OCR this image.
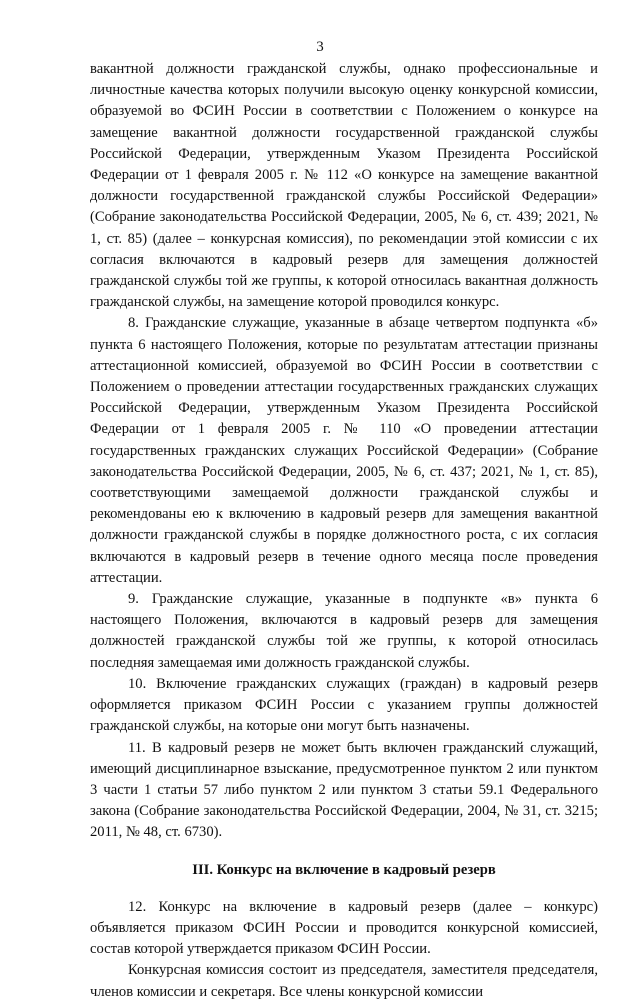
3

вакантной должности гражданской службы, однако профессиональные и личностные качества которых получили высокую оценку конкурсной комиссии, образуемой во ФСИН России в соответствии с Положением о конкурсе на замещение вакантной должности государственной гражданской службы Российской Федерации, утвержденным Указом Президента Российской Федерации от 1 февраля 2005 г. № 112 «О конкурсе на замещение вакантной должности государственной гражданской службы Российской Федерации» (Собрание законодательства Российской Федерации, 2005, № 6, ст. 439; 2021, № 1, ст. 85) (далее – конкурсная комиссия), по рекомендации этой комиссии с их согласия включаются в кадровый резерв для замещения должностей гражданской службы той же группы, к которой относилась вакантная должность гражданской службы, на замещение которой проводился конкурс.

8. Гражданские служащие, указанные в абзаце четвертом подпункта «б» пункта 6 настоящего Положения, которые по результатам аттестации признаны аттестационной комиссией, образуемой во ФСИН России в соответствии с Положением о проведении аттестации государственных гражданских служащих Российской Федерации, утвержденным Указом Президента Российской Федерации от 1 февраля 2005 г. № 110 «О проведении аттестации государственных гражданских служащих Российской Федерации» (Собрание законодательства Российской Федерации, 2005, № 6, ст. 437; 2021, № 1, ст. 85), соответствующими замещаемой должности гражданской службы и рекомендованы ею к включению в кадровый резерв для замещения вакантной должности гражданской службы в порядке должностного роста, с их согласия включаются в кадровый резерв в течение одного месяца после проведения аттестации.

9. Гражданские служащие, указанные в подпункте «в» пункта 6 настоящего Положения, включаются в кадровый резерв для замещения должностей гражданской службы той же группы, к которой относилась последняя замещаемая ими должность гражданской службы.

10. Включение гражданских служащих (граждан) в кадровый резерв оформляется приказом ФСИН России с указанием группы должностей гражданской службы, на которые они могут быть назначены.

11. В кадровый резерв не может быть включен гражданский служащий, имеющий дисциплинарное взыскание, предусмотренное пунктом 2 или пунктом 3 части 1 статьи 57 либо пунктом 2 или пунктом 3 статьи 59.1 Федерального закона (Собрание законодательства Российской Федерации, 2004, № 31, ст. 3215; 2011, № 48, ст. 6730).

III. Конкурс на включение в кадровый резерв

12. Конкурс на включение в кадровый резерв (далее – конкурс) объявляется приказом ФСИН России и проводится конкурсной комиссией, состав которой утверждается приказом ФСИН России.

Конкурсная комиссия состоит из председателя, заместителя председателя, членов комиссии и секретаря. Все члены конкурсной комиссии
